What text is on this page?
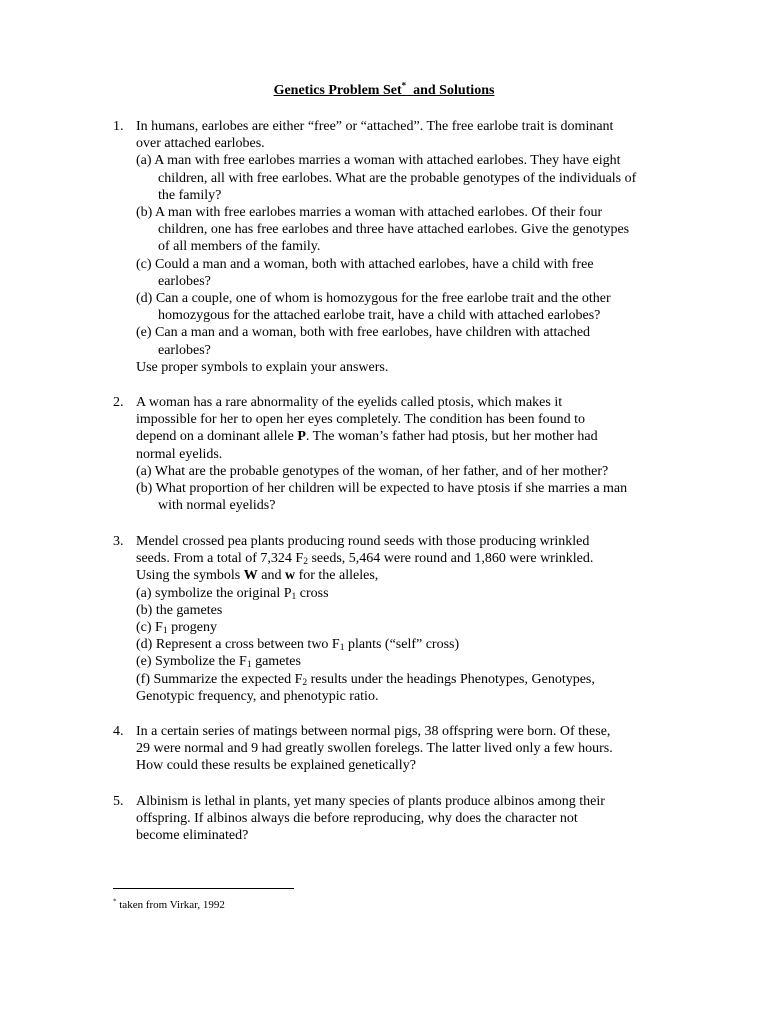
Genetics Problem Set* and Solutions
1. In humans, earlobes are either “free” or “attached”. The free earlobe trait is dominant
over attached earlobes.
(a) A man with free earlobes marries a woman with attached earlobes. They have eight children, all with free earlobes. What are the probable genotypes of the individuals of the family?
(b) A man with free earlobes marries a woman with attached earlobes. Of their four children, one has free earlobes and three have attached earlobes. Give the genotypes of all members of the family.
(c) Could a man and a woman, both with attached earlobes, have a child with free earlobes?
(d) Can a couple, one of whom is homozygous for the free earlobe trait and the other homozygous for the attached earlobe trait, have a child with attached earlobes?
(e) Can a man and a woman, both with free earlobes, have children with attached earlobes?
Use proper symbols to explain your answers.
2. A woman has a rare abnormality of the eyelids called ptosis, which makes it
impossible for her to open her eyes completely. The condition has been found to
depend on a dominant allele P. The woman’s father had ptosis, but her mother had
normal eyelids.
(a) What are the probable genotypes of the woman, of her father, and of her mother?
(b) What proportion of her children will be expected to have ptosis if she marries a man with normal eyelids?
3. Mendel crossed pea plants producing round seeds with those producing wrinkled
seeds. From a total of 7,324 $F_2$ seeds, 5,464 were round and 1,860 were wrinkled.
Using the symbols W and w for the alleles,
(a) symbolize the original $P_1$ cross
(b) the gametes
(c) $F_1$ progeny
(d) Represent a cross between two $F_1$ plants (“self” cross)
(e) Symbolize the $F_1$ gametes
(f) Summarize the expected $F_2$ results under the headings Phenotypes, Genotypes,
Genotypic frequency, and phenotypic ratio.
4. In a certain series of matings between normal pigs, 38 offspring were born. Of these,
29 were normal and 9 had greatly swollen forelegs. The latter lived only a few hours.
How could these results be explained genetically?
5. Albinism is lethal in plants, yet many species of plants produce albinos among their
offspring. If albinos always die before reproducing, why does the character not
become eliminated?
* taken from Virkar, 1992
